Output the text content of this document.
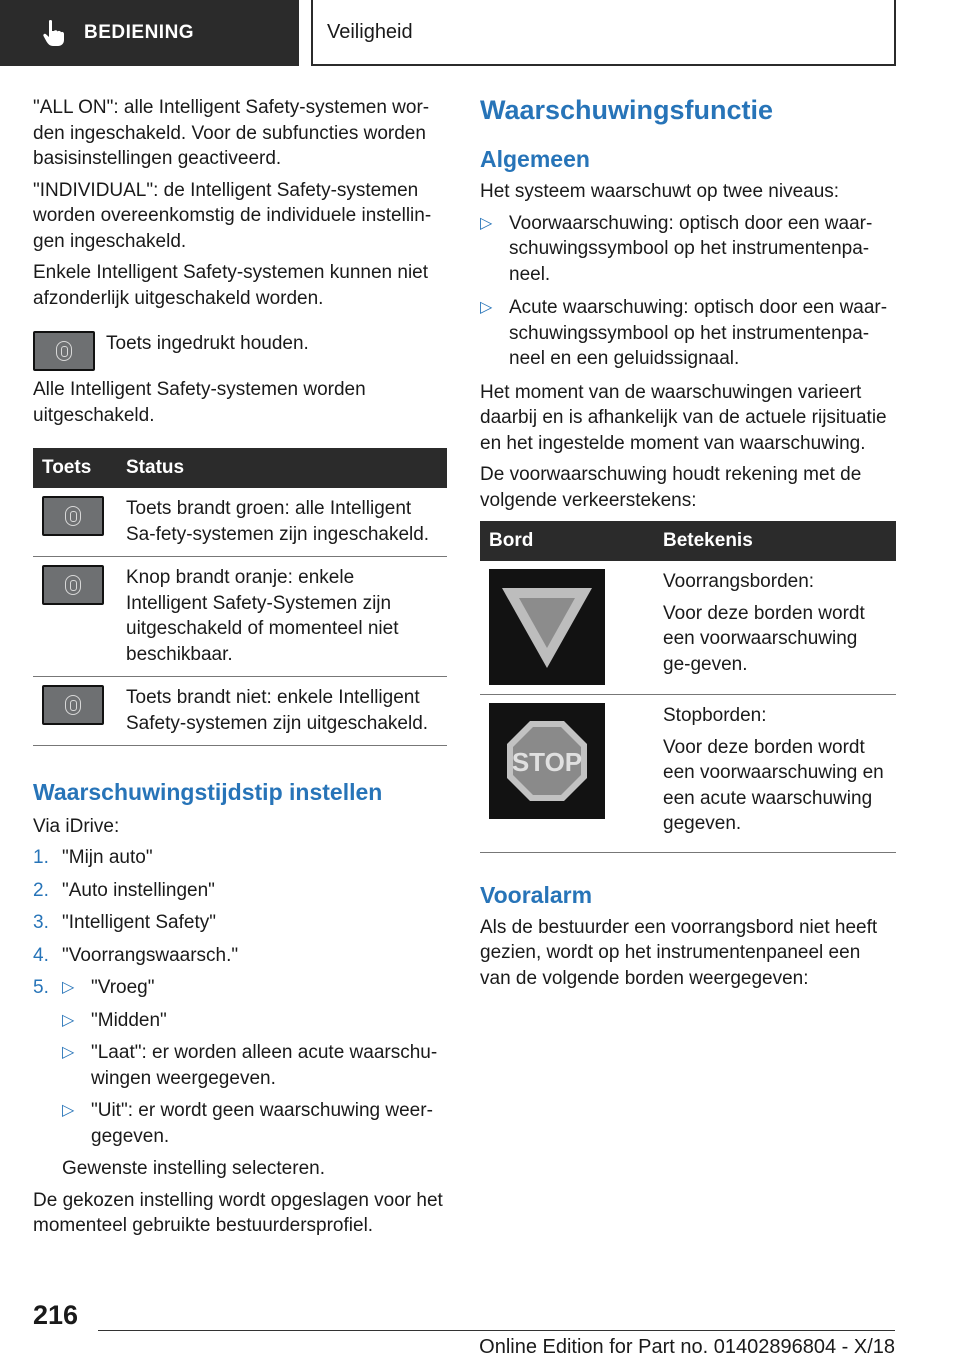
BEDIENING	Veiligheid

"ALL ON": alle Intelligent Safety-systemen wor-den ingeschakeld. Voor de subfuncties worden basisinstellingen geactiveerd.

"INDIVIDUAL": de Intelligent Safety-systemen worden overeenkomstig de individuele instellin-gen ingeschakeld.

Enkele Intelligent Safety-systemen kunnen niet afzonderlijk uitgeschakeld worden.

Toets ingedrukt houden.

Alle Intelligent Safety-systemen worden uitgeschakeld.

Toets	Status

	Toets brandt groen: alle Intelligent Sa-fety-systemen zijn ingeschakeld.

	Knop brandt oranje: enkele Intelligent Safety-Systemen zijn uitgeschakeld of momenteel niet beschikbaar.

	Toets brandt niet: enkele Intelligent Safety-systemen zijn uitgeschakeld.
Waarschuwingstijdstip instellen

Via iDrive:

1. "Mijn auto"
2. "Auto instellingen"
3. "Intelligent Safety"
4. "Voorrangswaarsch."
5. ▷ "Vroeg"
▷ "Midden"
▷ "Laat": er worden alleen acute waarschu-wingen weergegeven.
▷ "Uit": er wordt geen waarschuwing weer-gegeven.

Gewenste instelling selecteren.

De gekozen instelling wordt opgeslagen voor het momenteel gebruikte bestuurdersprofiel.

Waarschuwingsfunctie
Algemeen

Het systeem waarschuwt op twee niveaus:

▷ Voorwaarschuwing: optisch door een waar-schuwingssymbool op het instrumentenpa-neel.
▷ Acute waarschuwing: optisch door een waar-schuwingssymbool op het instrumentenpa-neel en een geluidssignaal.

Het moment van de waarschuwingen varieert daarbij en is afhankelijk van de actuele rijsituatie en het ingestelde moment van waarschuwing.

De voorwaarschuwing houdt rekening met de volgende verkeerstekens:

Bord	Betekenis

Voorrangsborden:

Voor deze borden wordt een voorwaarschuwing ge-geven.

STOP	Stopborden:

Voor deze borden wordt een voorwaarschuwing en een acute waarschuwing gegeven.

Vooralarm

Als de bestuurder een voorrangsbord niet heeft gezien, wordt op het instrumentenpaneel een van de volgende borden weergegeven:

216
Online Edition for Part no. 01402896804 - X/18
